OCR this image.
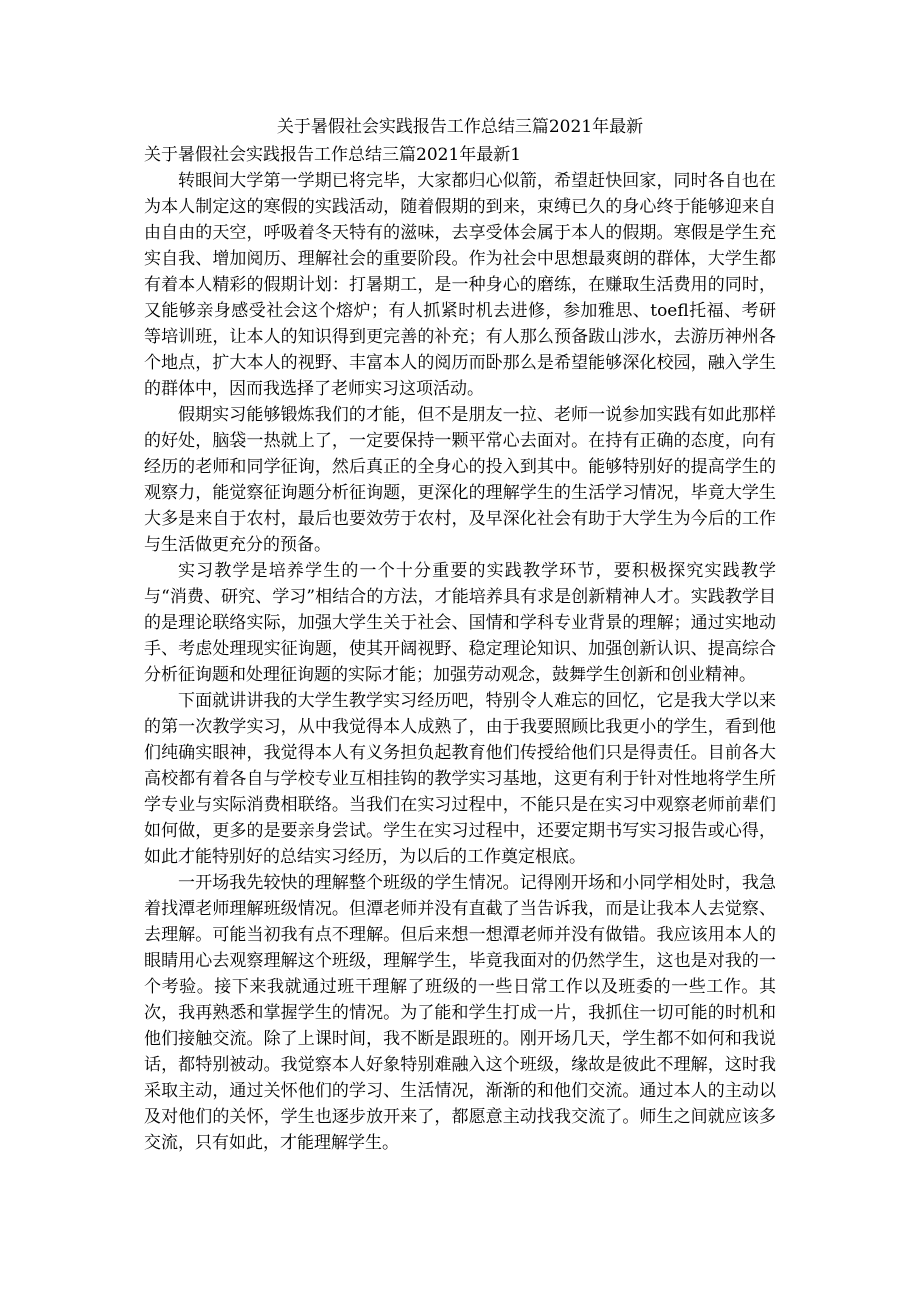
关于暑假社会实践报告工作总结三篇2021年最新

关于暑假社会实践报告工作总结三篇2021年最新1

转眼间大学第一学期已将完毕，大家都归心似箭，希望赶快回家，同时各自也在为本人制定这的寒假的实践活动，随着假期的到来，束缚已久的身心终于能够迎来自由自由的天空，呼吸着冬天特有的滋味，去享受体会属于本人的假期。寒假是学生充实自我、增加阅历、理解社会的重要阶段。作为社会中思想最爽朗的群体，大学生都有着本人精彩的假期计划：打暑期工，是一种身心的磨练，在赚取生活费用的同时，又能够亲身感受社会这个熔炉；有人抓紧时机去进修，参加雅思、toefl托福、考研等培训班，让本人的知识得到更完善的补充；有人那么预备跋山涉水，去游历神州各个地点，扩大本人的视野、丰富本人的阅历而卧那么是希望能够深化校园，融入学生的群体中，因而我选择了老师实习这项活动。

假期实习能够锻炼我们的才能，但不是朋友一拉、老师一说参加实践有如此那样的好处，脑袋一热就上了，一定要保持一颗平常心去面对。在持有正确的态度，向有经历的老师和同学征询，然后真正的全身心的投入到其中。能够特别好的提高学生的观察力，能觉察征询题分析征询题，更深化的理解学生的生活学习情况，毕竟大学生大多是来自于农村，最后也要效劳于农村，及早深化社会有助于大学生为今后的工作与生活做更充分的预备。

实习教学是培养学生的一个十分重要的实践教学环节，要积极探究实践教学与“消费、研究、学习”相结合的方法，才能培养具有求是创新精神人才。实践教学目的是理论联络实际，加强大学生关于社会、国情和学科专业背景的理解；通过实地动手、考虑处理现实征询题，使其开阔视野、稳定理论知识、加强创新认识、提高综合分析征询题和处理征询题的实际才能；加强劳动观念，鼓舞学生创新和创业精神。

下面就讲讲我的大学生教学实习经历吧，特别令人难忘的回忆，它是我大学以来的第一次教学实习，从中我觉得本人成熟了，由于我要照顾比我更小的学生，看到他们纯确实眼神，我觉得本人有义务担负起教育他们传授给他们只是得责任。目前各大高校都有着各自与学校专业互相挂钩的教学实习基地，这更有利于针对性地将学生所学专业与实际消费相联络。当我们在实习过程中，不能只是在实习中观察老师前辈们如何做，更多的是要亲身尝试。学生在实习过程中，还要定期书写实习报告或心得，如此才能特别好的总结实习经历，为以后的工作奠定根底。

一开场我先较快的理解整个班级的学生情况。记得刚开场和小同学相处时，我急着找潭老师理解班级情况。但潭老师并没有直截了当告诉我，而是让我本人去觉察、去理解。可能当初我有点不理解。但后来想一想潭老师并没有做错。我应该用本人的眼睛用心去观察理解这个班级，理解学生，毕竟我面对的仍然学生，这也是对我的一个考验。接下来我就通过班干理解了班级的一些日常工作以及班委的一些工作。其次，我再熟悉和掌握学生的情况。为了能和学生打成一片，我抓住一切可能的时机和他们接触交流。除了上课时间，我不断是跟班的。刚开场几天，学生都不如何和我说话，都特别被动。我觉察本人好象特别难融入这个班级，缘故是彼此不理解，这时我采取主动，通过关怀他们的学习、生活情况，渐渐的和他们交流。通过本人的主动以及对他们的关怀，学生也逐步放开来了，都愿意主动找我交流了。师生之间就应该多交流，只有如此，才能理解学生。
